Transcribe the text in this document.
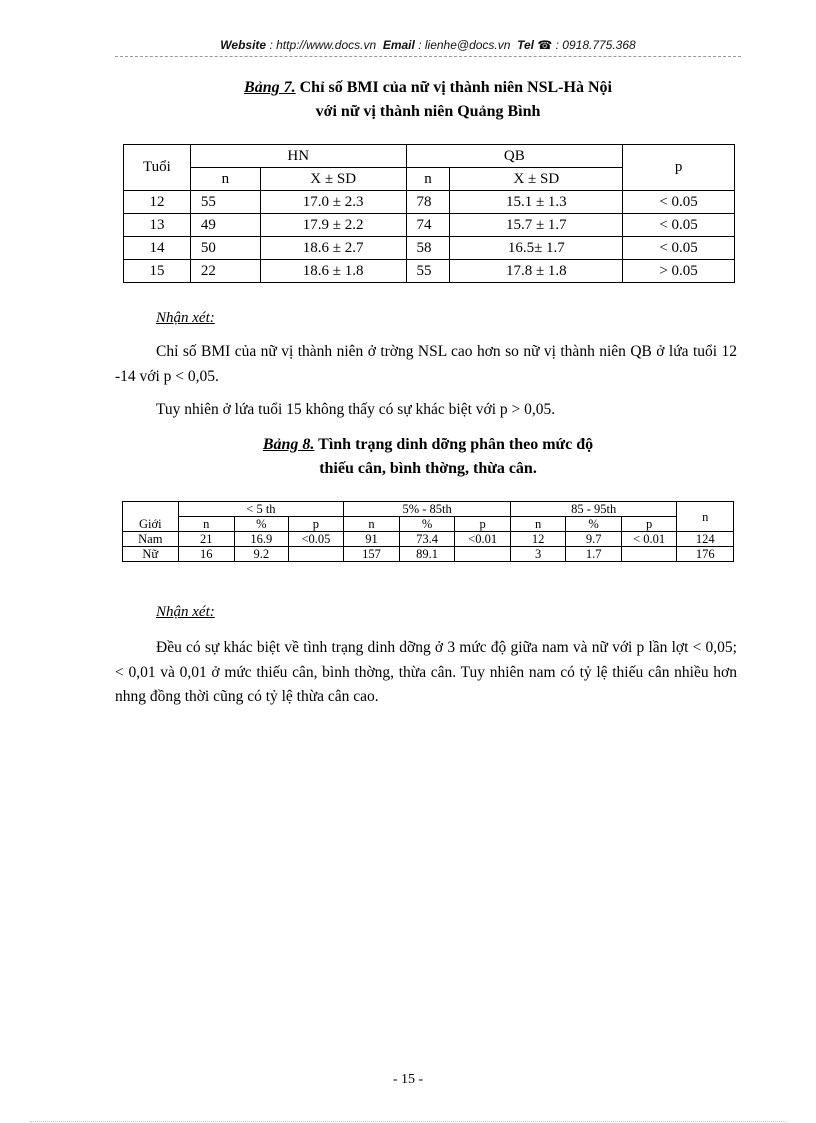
Website : http://www.docs.vn Email : lienhe@docs.vn Tel ☎ : 0918.775.368
Bảng 7. Chỉ số BMI của nữ vị thành niên NSL-Hà Nội
với nữ vị thành niên Quảng Bình
Tuổi	HN		QB		p
	n	X ± SD	n	X ± SD	
12	55	17.0 ± 2.3	78	15.1 ± 1.3	< 0.05
13	49	17.9 ± 2.2	74	15.7 ± 1.7	< 0.05
14	50	18.6 ± 2.7	58	16.5± 1.7	< 0.05
15	22	18.6 ± 1.8	55	17.8 ± 1.8	> 0.05
Nhận xét:

Chỉ số BMI của nữ vị thành niên ở trờng NSL cao hơn so nữ vị thành niên QB ở lứa tuổi 12 -14 với p < 0,05.

Tuy nhiên ở lứa tuổi 15 không thấy có sự khác biệt với p > 0,05.

Bảng 8. Tình trạng dinh dỡng phân theo mức độ
thiếu cân, bình thờng, thừa cân.
	< 5 th			5% - 85th			85 - 95th			n
Giới	n	%	p	n	%	p	n	%	p	
Nam	21	16.9	<0.05	91	73.4	<0.01	12	9.7	< 0.01	124
Nữ	16	9.2		157	89.1		3	1.7		176
Nhận xét:

Đều có sự khác biệt về tình trạng dinh dỡng ở 3 mức độ giữa nam và nữ với p lần lợt < 0,05; < 0,01 và 0,01 ở mức thiếu cân, bình thờng, thừa cân. Tuy nhiên nam có tỷ lệ thiếu cân nhiều hơn nhng đồng thời cũng có tỷ lệ thừa cân cao.

- 15 -
